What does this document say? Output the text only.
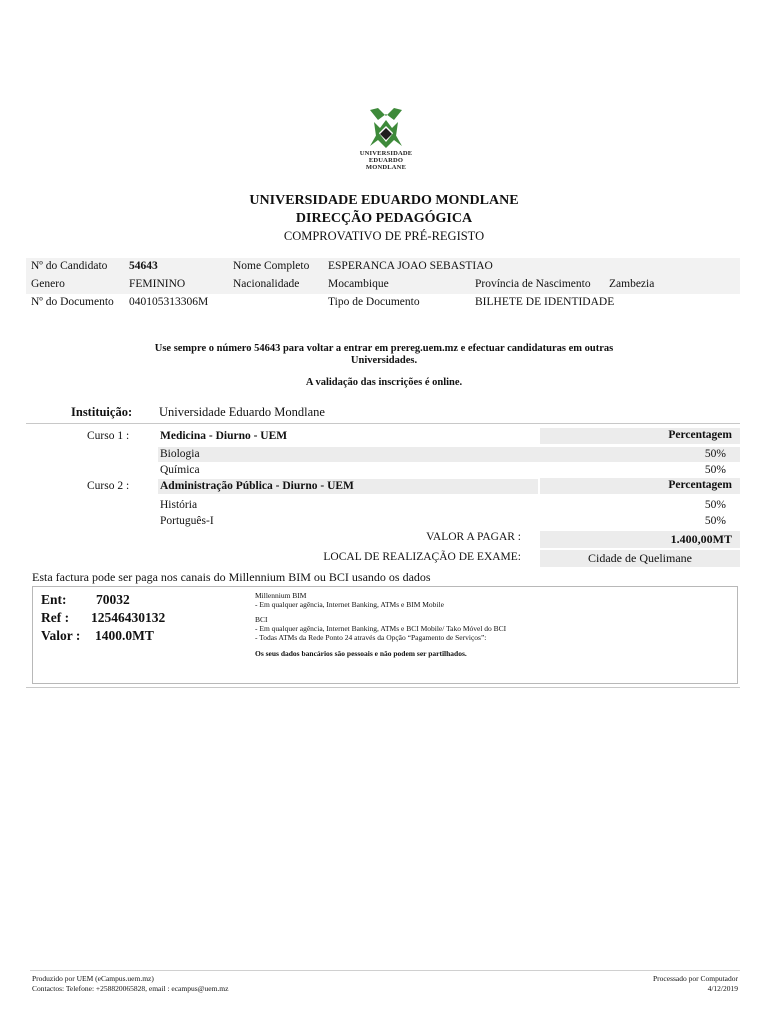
UNIVERSIDADE
EDUARDO
MONDLANE
UNIVERSIDADE EDUARDO MONDLANE
DIRECÇÃO PEDAGÓGICA
COMPROVATIVO DE PRÉ-REGISTO
Nº do Candidato 54643	Nome Completo ESPERANCA JOAO SEBASTIAO
Genero	FEMININO	Nacionalidade Mocambique	Província de Nascimento Zambezia
Nº do Documento 040105313306M	Tipo de Documento	BILHETE DE IDENTIDADE
Use sempre o número 54643 para voltar a entrar em prereg.uem.mz e efectuar candidaturas em outras
Universidades.
A validação das inscrições é online.
Instituição: Universidade Eduardo Mondlane
Curso 1 :	Medicina - Diurno - UEM	Percentagem
Biologia	50%
Química	50%
Curso 2 :	Administração Pública - Diurno - UEM	Percentagem
História	50%
Português-I	50%
VALOR A PAGAR :	1.400,00MT
LOCAL DE REALIZAÇÃO DE EXAME:	Cidade de Quelimane
Esta factura pode ser paga nos canais do Millennium BIM ou BCI usando os dados
Ent: 70032
Ref : 12546430132
Valor : 1400.0MT
Millennium BIM
- Em qualquer agência, Internet Banking, ATMs e BIM Mobile
BCI
- Em qualquer agência, Internet Banking, ATMs e BCI Mobile/ Tako Móvel do BCI
- Todas ATMs da Rede Ponto 24 através da Opção “Pagamento de Serviços”:
Os seus dados bancários são pessoais e não podem ser partilhados.
Produzido por UEM (eCampus.uem.mz)
Contactos: Telefone: +258820065828, email : ecampus@uem.mz
Processado por Computador
4/12/2019
